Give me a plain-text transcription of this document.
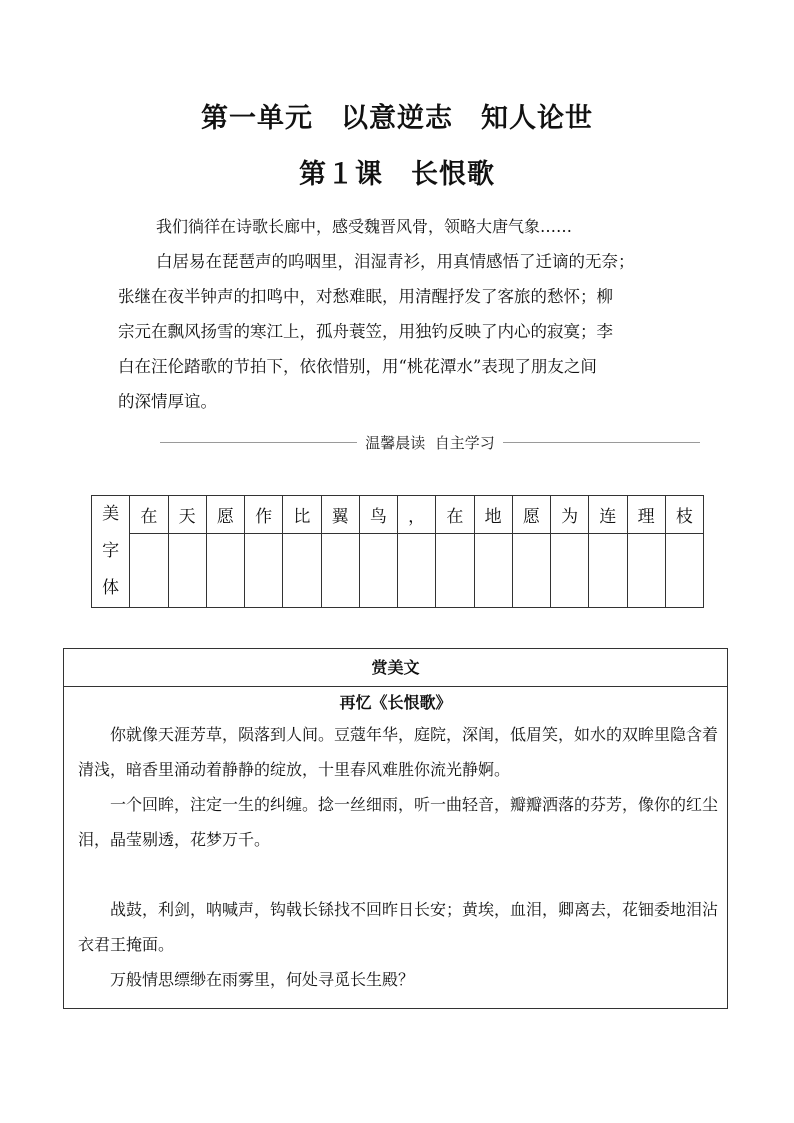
第一单元　以意逆志　知人论世
第１课　长恨歌

我们徜徉在诗歌长廊中，感受魏晋风骨，领略大唐气象……

白居易在琵琶声的呜咽里，泪湿青衫，用真情感悟了迁谪的无奈；

张继在夜半钟声的扣鸣中，对愁难眠，用清醒抒发了客旅的愁怀；柳

宗元在飘风扬雪的寒江上，孤舟蓑笠，用独钓反映了内心的寂寞；李

白在汪伦踏歌的节拍下，依依惜别，用“桃花潭水”表现了朋友之间

的深情厚谊。

温馨晨读  自主学习
美
字
体	在	天	愿	作	比	翼	鸟	，	在	地	愿	为	连	理	枝

赏美文
再忆《长恨歌》

你就像天涯芳草，陨落到人间。豆蔻年华，庭院，深闺，低眉笑，如水的双眸里隐含着清浅，暗香里涌动着静静的绽放，十里春风难胜你流光静婀。

一个回眸，注定一生的纠缠。捻一丝细雨，听一曲轻音，瓣瓣洒落的芬芳，像你的红尘泪，晶莹剔透，花梦万千。

战鼓，利剑，呐喊声，钩戟长铩找不回昨日长安；黄埃，血泪，卿离去，花钿委地泪沾衣君王掩面。

万般情思缥缈在雨雾里，何处寻觅长生殿？
